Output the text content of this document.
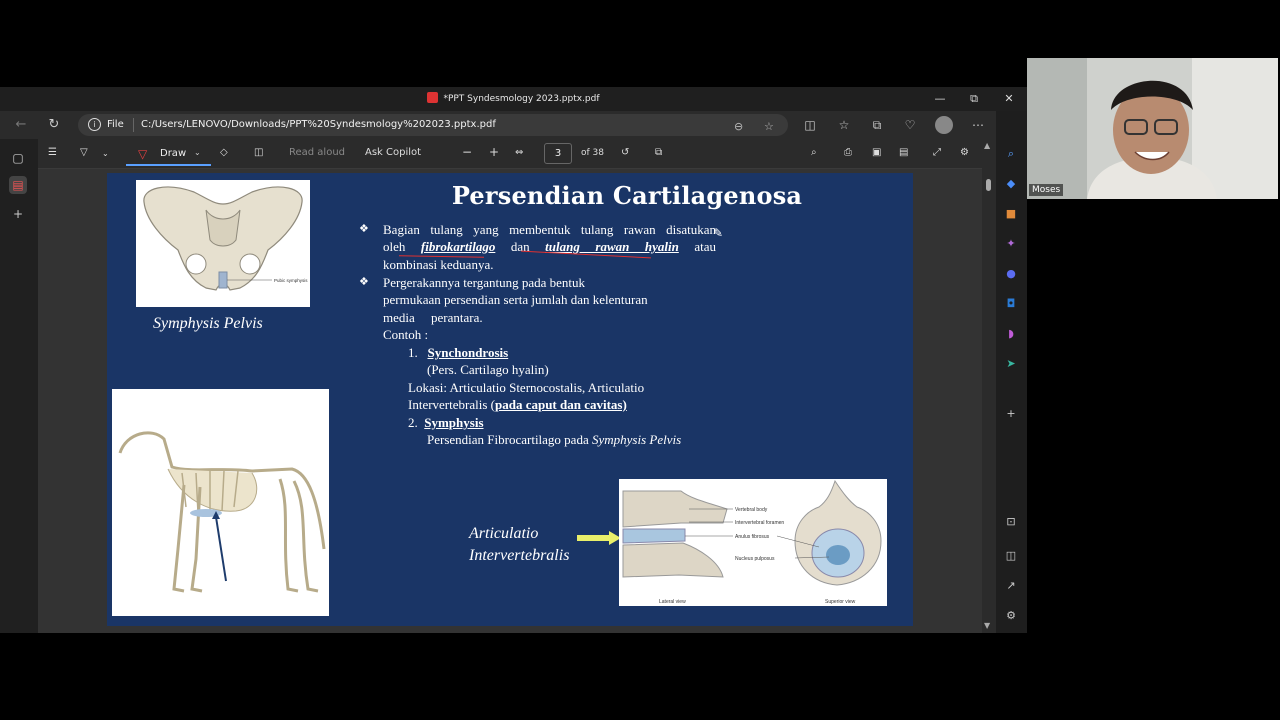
*PPT Syndesmology 2023.pptx.pdf	—	⧉	✕
← ↻	i	File C:/Users/LENOVO/Downloads/PPT%20Syndesmology%202023.pptx.pdf	⊖ ☆	◫	☆	⧉	♡	⋯
▢
▤
+
☰ ▽ ⌄ ▽ Draw ⌄ ◇	◫	Read aloud Ask Copilot	− + ⇔	3	of 38 ↺	⧉	⌕	⎙ ▣ ▤ ⤢ ⚙
Persendian Cartilagenosa
Pubic symphysis
Symphysis Pelvis
Articulatio Sternocostalis
❖ Bagian tulang yang membentuk tulang rawan disatukan
oleh fibrokartilago dan tulang rawan hyalin atau
kombinasi keduanya.
❖ Pergerakannya tergantung pada bentuk
permukaan persendian serta jumlah dan kelenturan
media     perantara.
Contoh :
1. Synchondrosis
(Pers. Cartilago hyalin)
Lokasi: Articulatio Sternocostalis, Articulatio
Intervertebralis (pada caput dan cavitas)
2. Symphysis
Persendian Fibrocartilago pada Symphysis Pelvis
✎
Articulatio
Intervertebralis
Vertebral body
Intervertebral foramen
Anulus fibrosus
Nucleus pulposus
Lateral view	Superior view
▲
▼
⌕
◆
■
✦
●
◘
◗
➤
+
⊡
◫
↗
⚙
Moses
